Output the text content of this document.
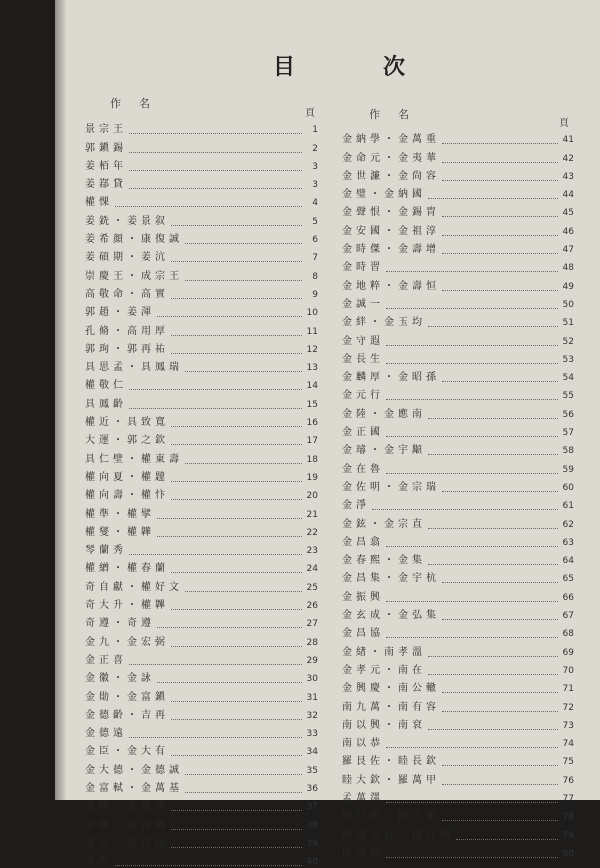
目	次
作名
頁	作名
頁
景宗王	1
郭鎭錫	2
姜栢年	3
姜鄀貸	3
權惈	4
姜銑・姜景叙	5
姜希顔・康復誠	6
姜碩期・姜沆	7
崇慶王・成宗王	8
高敬命・高實	9
郭趙・姜渾	10
孔脩・高用厚	11
郭珣・郭再祐	12
具思孟・具鳳瑞	13
權敬仁	14
具鳳齡	15
權近・具致寬	16
大運・郭之欽	17
具仁壁・權東壽	18
權向夏・權韙	19
權向壽・權忭	20
權準・權擘	21
權燮・權韡	22
琴蘭秀	23
權繒・權春蘭	24
奇自獻・權好文	25
奇大升・權韠	26
奇遵・奇遵	27
金九・金宏弼	28
金正喜	29
金徽・金詠	30
金勛・金富鎭	31
金德齡・吉再	32
金德遠	33
金臣・金大有	34
金大德・金德誠	35
金富軾・金萬基	36
金國・金德謙	37
金繹・金富儀	38
金晉・金性洙	39
金性	40
金納學・金萬重	41
金命元・金夷華	42
金世濂・金尙容	43
金璧・金納國	44
金聲恨・金錫胄	45
金安國・金祖淳	46
金時傑・金壽增	47
金時習	48
金地粹・金壽恒	49
金誠一	50
金絆・金玉均	51
金守遐	52
金長生	53
金麟厚・金昭孫	54
金元行	55
金陸・金應南	56
金正國	57
金璿・金宇顒	58
金在魯	59
金佐明・金宗瑞	60
金淨	61
金鉉・金宗直	62
金昌翕	63
金春熙・金集	64
金昌集・金宇杭	65
金振興	66
金玄成・金弘集	67
金昌協	68
金緖・南孝溫	69
金孝元・南在	70
金興慶・南公轍	71
南九萬・南有容	72
南以興・南袞	73
南以恭	74
羅艮佐・睦長欽	75
睦大欽・羅萬甲	76
孟萬澤	77
睦昌明・閔守愼	78
明成皇后・閔泳煥	79
閔泳翊	80
